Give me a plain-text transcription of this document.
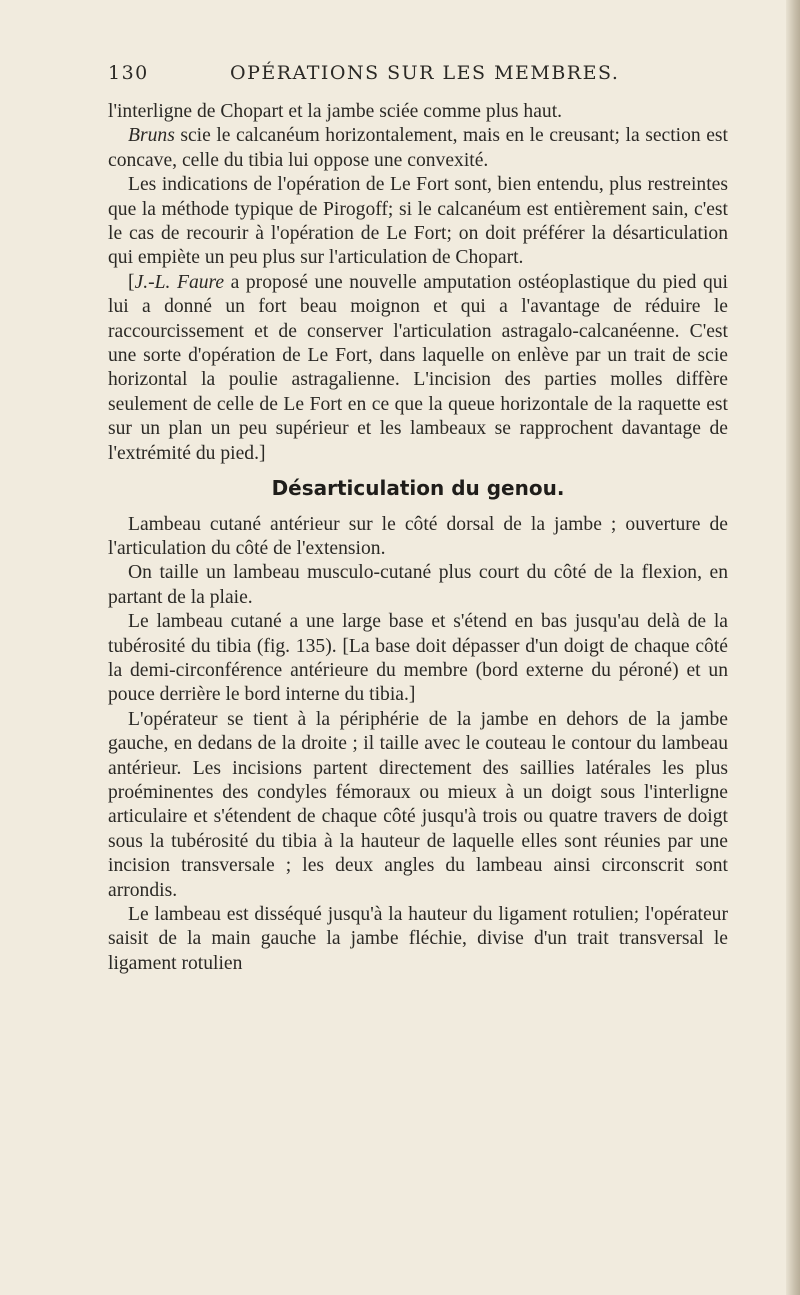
130	OPÉRATIONS SUR LES MEMBRES.

l'interligne de Chopart et la jambe sciée comme plus haut.

Bruns scie le calcanéum horizontalement, mais en le creusant; la section est concave, celle du tibia lui oppose une convexité.

Les indications de l'opération de Le Fort sont, bien entendu, plus restreintes que la méthode typique de Pirogoff; si le calcanéum est entièrement sain, c'est le cas de recourir à l'opération de Le Fort; on doit préférer la désarticulation qui empiète un peu plus sur l'articulation de Chopart.

[J.-L. Faure a proposé une nouvelle amputation ostéoplastique du pied qui lui a donné un fort beau moignon et qui a l'avantage de réduire le raccourcissement et de conserver l'articulation astragalo-calcanéenne. C'est une sorte d'opération de Le Fort, dans laquelle on enlève par un trait de scie horizontal la poulie astragalienne. L'incision des parties molles diffère seulement de celle de Le Fort en ce que la queue horizontale de la raquette est sur un plan un peu supérieur et les lambeaux se rapprochent davantage de l'extrémité du pied.]

Désarticulation du genou.

Lambeau cutané antérieur sur le côté dorsal de la jambe ; ouverture de l'articulation du côté de l'extension.

On taille un lambeau musculo-cutané plus court du côté de la flexion, en partant de la plaie.

Le lambeau cutané a une large base et s'étend en bas jusqu'au delà de la tubérosité du tibia (fig. 135). [La base doit dépasser d'un doigt de chaque côté la demi-circonférence antérieure du membre (bord externe du péroné) et un pouce derrière le bord interne du tibia.]

L'opérateur se tient à la périphérie de la jambe en dehors de la jambe gauche, en dedans de la droite ; il taille avec le couteau le contour du lambeau antérieur. Les incisions partent directement des saillies latérales les plus proéminentes des condyles fémoraux ou mieux à un doigt sous l'interligne articulaire et s'étendent de chaque côté jusqu'à trois ou quatre travers de doigt sous la tubérosité du tibia à la hauteur de laquelle elles sont réunies par une incision transversale ; les deux angles du lambeau ainsi circonscrit sont arrondis.

Le lambeau est disséqué jusqu'à la hauteur du ligament rotulien; l'opérateur saisit de la main gauche la jambe fléchie, divise d'un trait transversal le ligament rotulien
